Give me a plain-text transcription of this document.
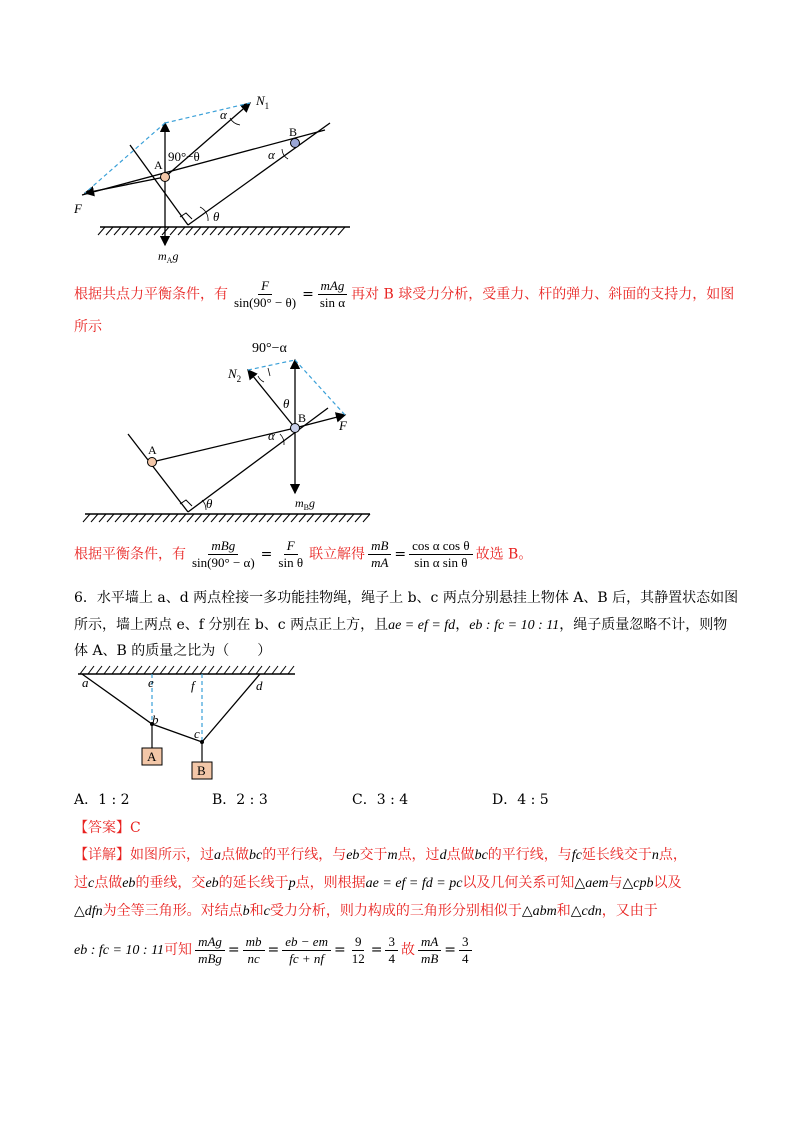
$N_1$
B
A
90°−θ
α
α
F
θ
$m_Ag$
根据共点力平衡条件，有 $\frac{F}{\sin(90^\circ - \theta)} = \frac{\text{mAg}}{\text{sin α}}$ 再对 B 球受力分析，受重力、杆的弹力、斜面的支持力，如图
所示
90°−α
$N_2$
θ
B
α
F
A
θ	$m_Bg$
根据平衡条件，有 $\frac{\text{mBg}}{\sin(90^\circ - \alpha)} = \frac{F}{\text{sin θ}}$ 联立解得 $\frac{mB}{mA} = \frac{\text{cos α cos θ}}{\text{sin α sin θ}}$ 故选 B。
6．水平墙上 a、d 两点栓接一多功能挂物绳，绳子上 b、c 两点分别悬挂上物体 A、B 后，其静置状态如图
所示，墙上两点 e、f 分别在 b、c 两点正上方，且ae = ef = fd，eb : fc = 10 : 11，绳子质量忽略不计，则物
体 A、B 的质量之比为（　　）
A
B
a	e	f	d
b
c
A．1 : 2	B．2 : 3	C．3 : 4	D．4 : 5
【答案】C
【详解】如图所示，过a点做bc的平行线，与eb交于m点，过d点做bc的平行线，与fc延长线交于n点，
过c点做eb的垂线，交eb的延长线于p点，则根据ae = ef = fd = pc以及几何关系可知△aem与△cpb以及
△dfn为全等三角形。对结点b和c受力分析，则力构成的三角形分别相似于△abm和△cdn，又由于
eb : fc = 10 : 11可知 $\frac{\text{mAg}}{\text{mBg}} = \frac{mb}{nc} = \frac{eb - em}{fc + nf} = \frac{9}{12} = \frac{3}{4}$ 故 $\frac{mA}{mB} = \frac{3}{4}$
